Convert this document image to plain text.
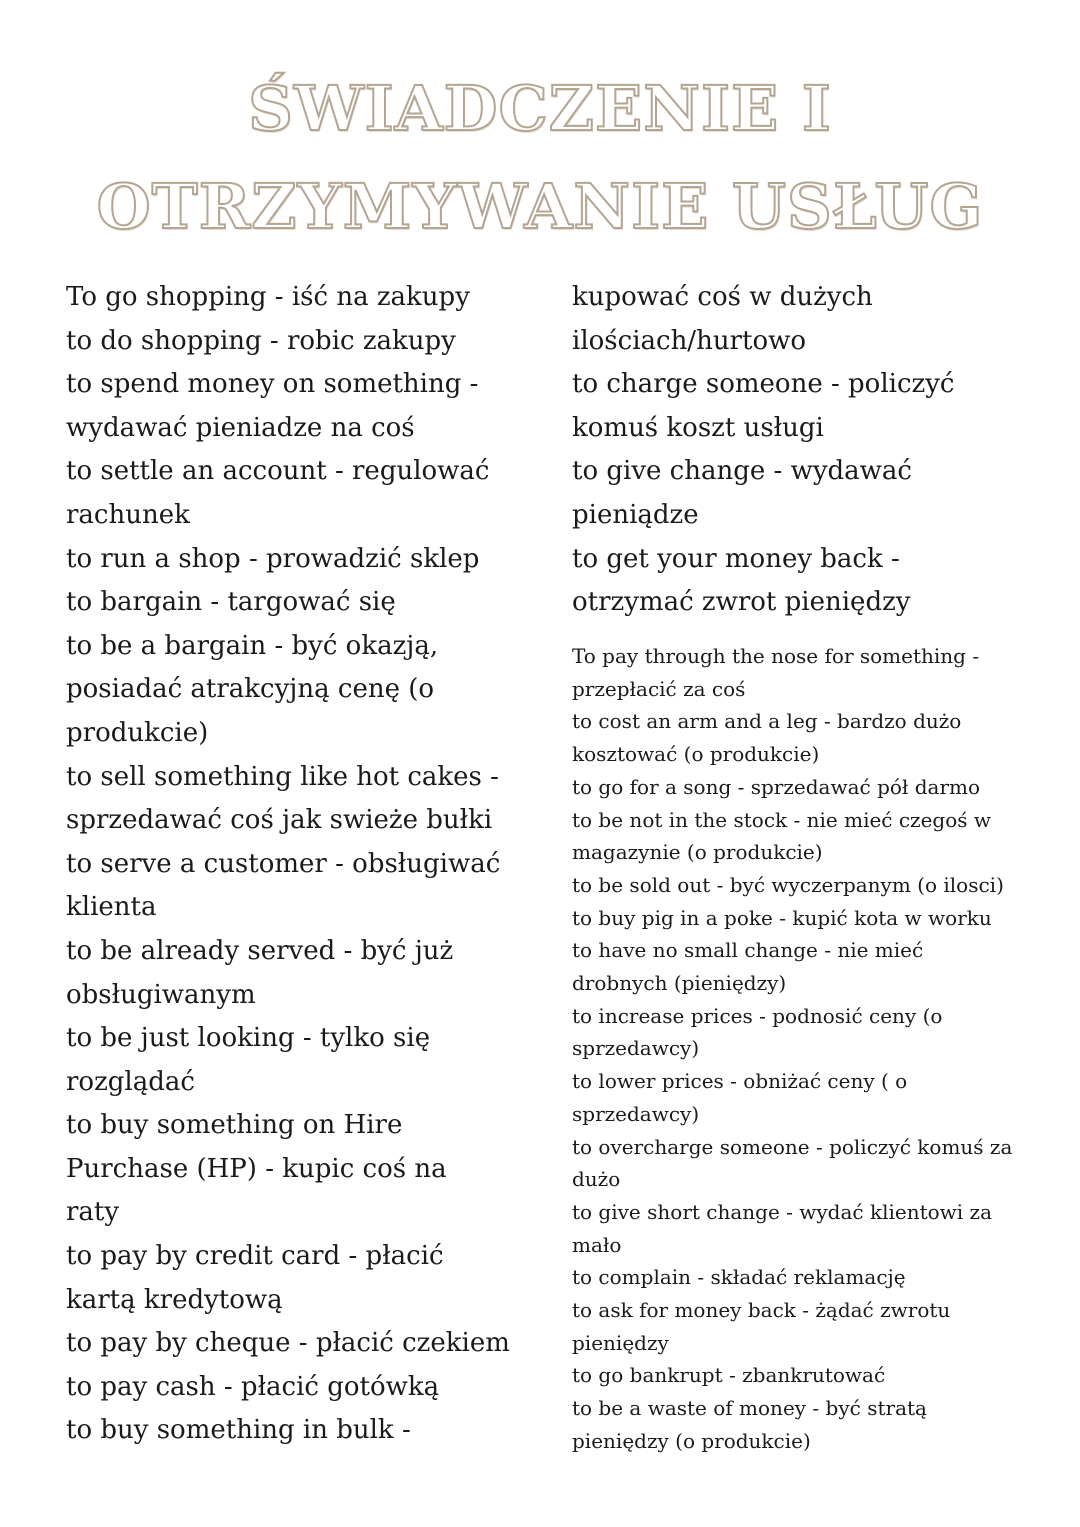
ŚWIADCZENIE I
OTRZYMYWANIE USŁUG
To go shopping - iść na zakupy
to do shopping - robic zakupy
to spend money on something -
wydawać pieniadze na coś
to settle an account - regulować
rachunek
to run a shop - prowadzić sklep
to bargain - targować się
to be a bargain - być okazją,
posiadać atrakcyjną cenę (o
produkcie)
to sell something like hot cakes -
sprzedawać coś jak swieże bułki
to serve a customer - obsługiwać
klienta
to be already served - być już
obsługiwanym
to be just looking - tylko się
rozglądać
to buy something on Hire
Purchase (HP) - kupic coś na
raty
to pay by credit card - płacić
kartą kredytową
to pay by cheque - płacić czekiem
to pay cash - płacić gotówką
to buy something in bulk -
kupować coś w dużych
ilościach/hurtowo
to charge someone - policzyć
komuś koszt usługi
to give change - wydawać
pieniądze
to get your money back -
otrzymać zwrot pieniędzy
To pay through the nose for something -
przepłacić za coś
to cost an arm and a leg - bardzo dużo
kosztować (o produkcie)
to go for a song - sprzedawać pół darmo
to be not in the stock - nie mieć czegoś w
magazynie (o produkcie)
to be sold out - być wyczerpanym (o ilosci)
to buy pig in a poke - kupić kota w worku
to have no small change - nie mieć
drobnych (pieniędzy)
to increase prices - podnosić ceny (o
sprzedawcy)
to lower prices - obniżać ceny ( o
sprzedawcy)
to overcharge someone - policzyć komuś za
dużo
to give short change - wydać klientowi za
mało
to complain - składać reklamację
to ask for money back - żądać zwrotu
pieniędzy
to go bankrupt - zbankrutować
to be a waste of money - być stratą
pieniędzy (o produkcie)
